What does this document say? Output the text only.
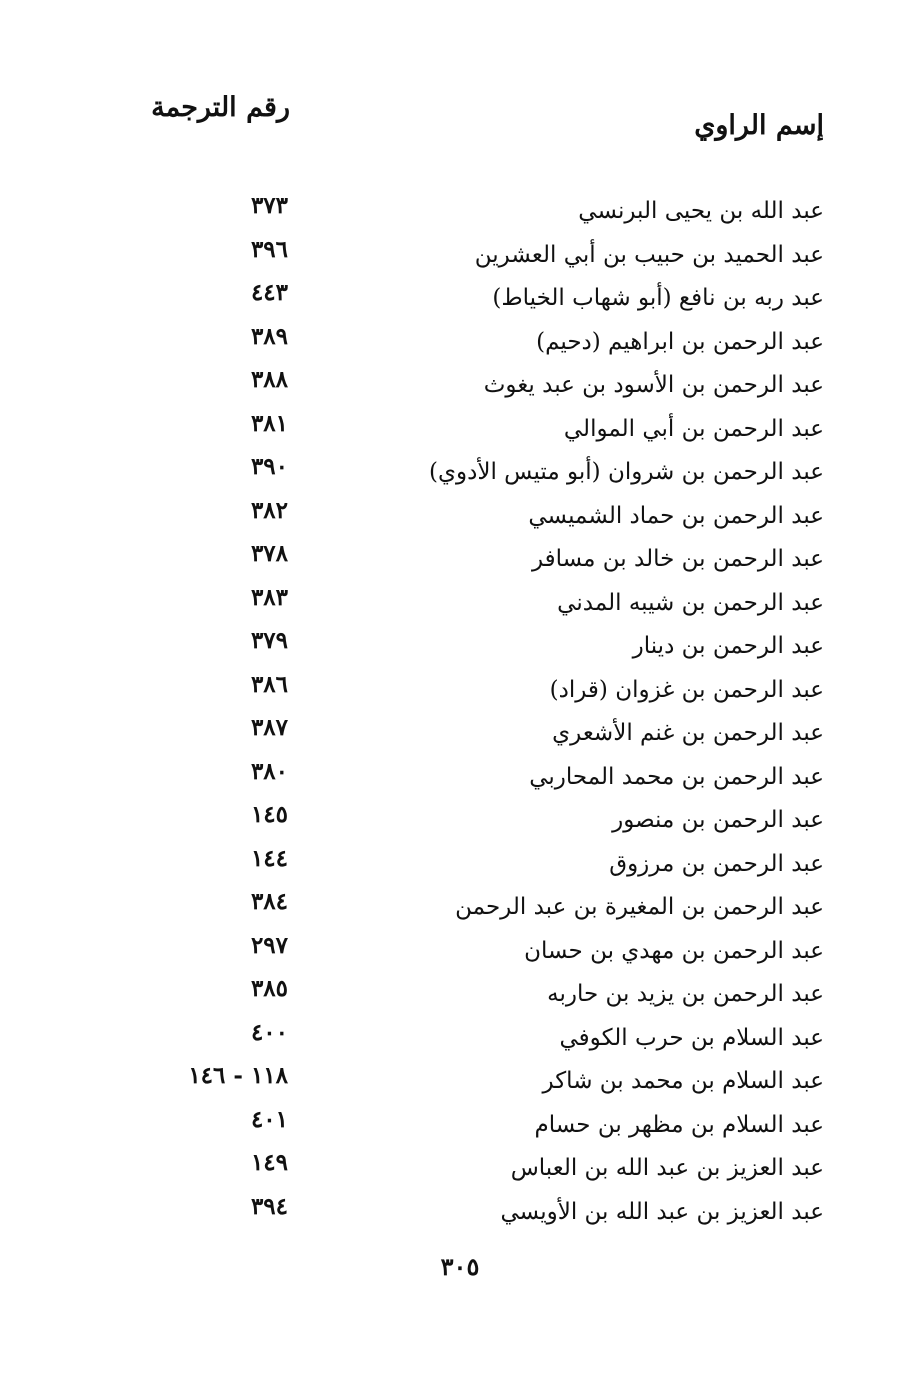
إسم الراوي
رقم الترجمة
عبد الله بن يحيى البرنسي
٣٧٣
عبد الحميد بن حبيب بن أبي العشرين
٣٩٦
عبد ربه بن نافع (أبو شهاب الخياط)
٤٤٣
عبد الرحمن بن ابراهيم (دحيم)
٣٨٩
عبد الرحمن بن الأسود بن عبد يغوث
٣٨٨
عبد الرحمن بن أبي الموالي
٣٨١
عبد الرحمن بن شروان (أبو متيس الأدوي)
٣٩٠
عبد الرحمن بن حماد الشميسي
٣٨٢
عبد الرحمن بن خالد بن مسافر
٣٧٨
عبد الرحمن بن شيبه المدني
٣٨٣
عبد الرحمن بن دينار
٣٧٩
عبد الرحمن بن غزوان (قراد)
٣٨٦
عبد الرحمن بن غنم الأشعري
٣٨٧
عبد الرحمن بن محمد المحاربي
٣٨٠
عبد الرحمن بن منصور
١٤٥
عبد الرحمن بن مرزوق
١٤٤
عبد الرحمن بن المغيرة بن عبد الرحمن
٣٨٤
عبد الرحمن بن مهدي بن حسان
٢٩٧
عبد الرحمن بن يزيد بن حاربه
٣٨٥
عبد السلام بن حرب الكوفي
٤٠٠
عبد السلام بن محمد بن شاكر
١١٨ - ١٤٦
عبد السلام بن مظهر بن حسام
٤٠١
عبد العزيز بن عبد الله بن العباس
١٤٩
عبد العزيز بن عبد الله بن الأويسي
٣٩٤
٣٠٥
